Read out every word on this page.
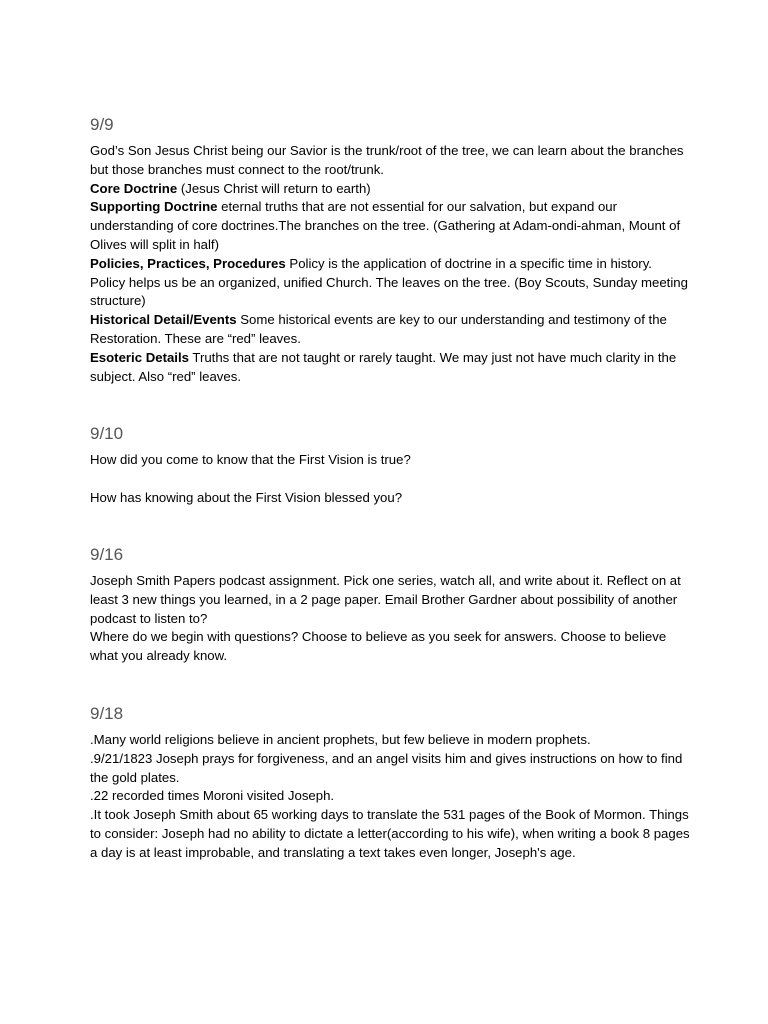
9/9

God’s Son Jesus Christ being our Savior is the trunk/root of the tree, we can learn about the branches but those branches must connect to the root/trunk.

Core Doctrine (Jesus Christ will return to earth)

Supporting Doctrine eternal truths that are not essential for our salvation, but expand our understanding of core doctrines.The branches on the tree. (Gathering at Adam-ondi-ahman, Mount of Olives will split in half)

Policies, Practices, Procedures Policy is the application of doctrine in a specific time in history. Policy helps us be an organized, unified Church. The leaves on the tree. (Boy Scouts, Sunday meeting structure)

Historical Detail/Events Some historical events are key to our understanding and testimony of the Restoration. These are “red” leaves.

Esoteric Details Truths that are not taught or rarely taught. We may just not have much clarity in the subject. Also “red” leaves.

9/10

How did you come to know that the First Vision is true?

How has knowing about the First Vision blessed you?

9/16

Joseph Smith Papers podcast assignment. Pick one series, watch all, and write about it. Reflect on at least 3 new things you learned, in a 2 page paper. Email Brother Gardner about possibility of another podcast to listen to?

Where do we begin with questions? Choose to believe as you seek for answers. Choose to believe what you already know.

9/18

.Many world religions believe in ancient prophets, but few believe in modern prophets.

.9/21/1823 Joseph prays for forgiveness, and an angel visits him and gives instructions on how to find the gold plates.

.22 recorded times Moroni visited Joseph.

.It took Joseph Smith about 65 working days to translate the 531 pages of the Book of Mormon. Things to consider: Joseph had no ability to dictate a letter(according to his wife), when writing a book 8 pages a day is at least improbable, and translating a text takes even longer, Joseph's age.
